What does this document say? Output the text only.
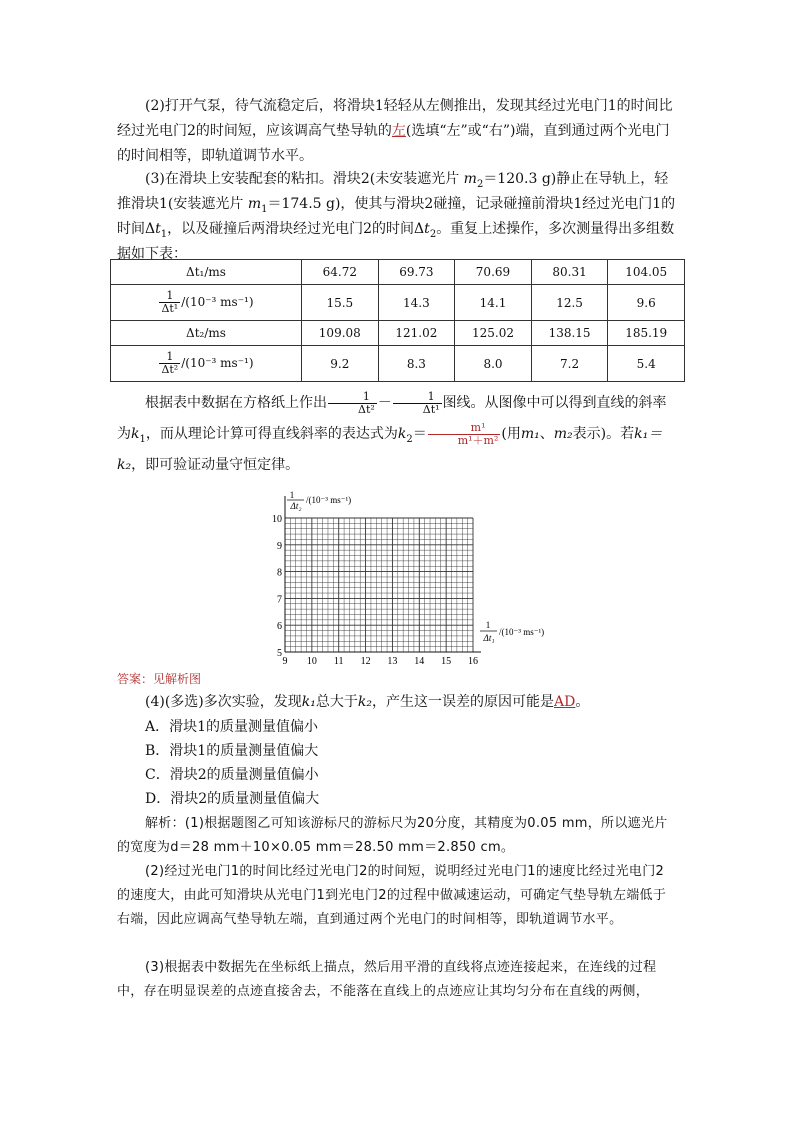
(2)打开气泵，待气流稳定后，将滑块1轻轻从左侧推出，发现其经过光电门1的时间比经过光电门2的时间短，应该调高气垫导轨的左(选填“左”或“右”)端，直到通过两个光电门的时间相等，即轨道调节水平。

(3)在滑块上安装配套的粘扣。滑块2(未安装遮光片 $m_2=120.3$ g)静止在导轨上，轻推滑块1(安装遮光片 $m_1=174.5$ g)，使其与滑块2碰撞，记录碰撞前滑块1经过光电门1的时间$\Delta t_1$，以及碰撞后两滑块经过光电门2的时间$\Delta t_2$。重复上述操作，多次测量得出多组数据如下表：

Δt₁/ms	64.72	69.73	70.69	80.31	104.05

$\frac{1}{\text{Δt¹}} /(10^{-3}$ ms⁻¹)	15.5	14.3	14.1	12.5	9.6
Δt₂/ms	109.08	121.02	125.02	138.15	185.19

$\frac{1}{\text{Δt²}} /(10^{-3}$ ms⁻¹)	9.2	8.3	8.0	7.2	5.4

根据表中数据在方格纸上作出 $\frac{1}{\text{Δt²}} - \frac{1}{\text{Δt¹}}$ 图线。从图像中可以得到直线的斜率为$k_1$，而从理论计算可得直线斜率的表达式为$k_2= \frac{\text{m¹}}{\text{m¹＋m²}}$ (用m₁、m₂表示)。若k₁＝k₂，即可验证动量守恒定律。

9 10 11 12 13 14 15 16
5
6
7
8
9
10
1
Δt₂
/(10⁻³ ms⁻¹)
1
Δt₁
/(10⁻³ ms⁻¹)

答案：见解析图

(4)(多选)多次实验，发现k₁总大于k₂，产生这一误差的原因可能是AD。

A．滑块1的质量测量值偏小

B．滑块1的质量测量值偏大

C．滑块2的质量测量值偏小

D．滑块2的质量测量值偏大

解析：(1)根据题图乙可知该游标尺的游标尺为20分度，其精度为0.05 mm，所以遮光片的宽度为d＝28 mm＋10×0.05 mm＝28.50 mm＝2.850 cm。

(2)经过光电门1的时间比经过光电门2的时间短，说明经过光电门1的速度比经过光电门2的速度大，由此可知滑块从光电门1到光电门2的过程中做减速运动，可确定气垫导轨左端低于右端，因此应调高气垫导轨左端，直到通过两个光电门的时间相等，即轨道调节水平。

(3)根据表中数据先在坐标纸上描点，然后用平滑的直线将点迹连接起来，在连线的过程中，存在明显误差的点迹直接舍去，不能落在直线上的点迹应让其均匀分布在直线的两侧，
